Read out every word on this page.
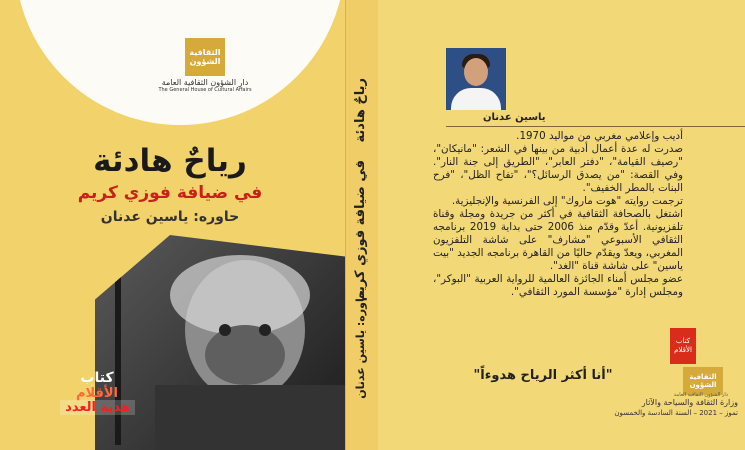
الثقافية الشؤون
دار الشؤون الثقافية العامة
The General House of Cultural Affairs
رياحٌ هادئة
في ضيافة فوزي كريم
حاوره: ياسين عدنان
كتاب
الأقلام
هدية العدد
رياحٌ هادئة
في ضيافة فوزي كريم
حاوره: ياسين عدنان
ياسين عدنان

أديب وإعلامي مغربي من مواليد 1970.

صدرت له عدة أعمال أدبية من بينها في الشعر: "مانيكان"، "رصيف القيامة"، "دفتر العابر"، "الطريق إلى جنة النار". وفي القصة: "من يصدق الرسائل؟"، "تفاح الظل"، "فرح البنات بالمطر الخفيف".

ترجمت روايته "هوت ماروك" إلى الفرنسية والإنجليزية.

اشتغل بالصحافة الثقافية في أكثر من جريدة ومجلة وقناة تلفزيونية. أعدّ وقدّم منذ 2006 حتى بداية 2019 برنامجه الثقافي الأسبوعي "مشارف" على شاشة التلفزيون المغربي، ويعدّ ويقدّم حاليًا من القاهرة برنامجه الجديد "بيت ياسين" على شاشة قناة "الغد".

عضو مجلس أمناء الجائزة العالمية للرواية العربية "البوكر"، ومجلس إدارة "مؤسسة المورد الثقافي".

كتاب الأقلام
"أنا أكثر الرياح هدوءاً"	الثقافية الشؤون
دار الشؤون الثقافية العامة
وزارة الثقافة والسياحة والآثار
تموز – 2021 – السنة السادسة والخمسون
